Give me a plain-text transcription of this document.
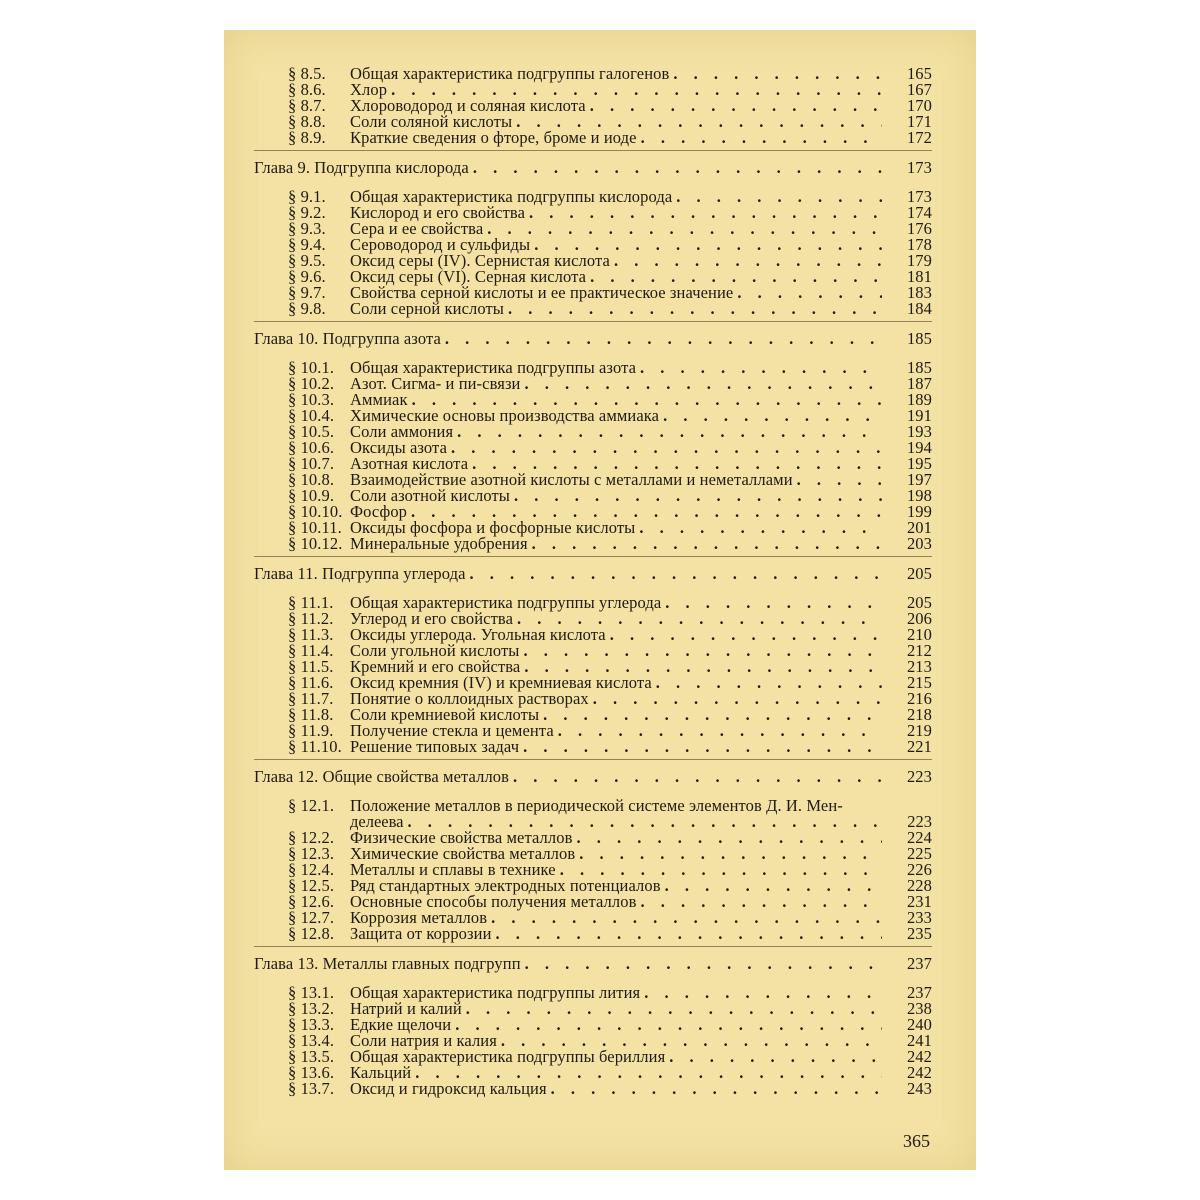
§ 8.5.	Общая характеристика подгруппы галогенов . . .	165
§ 8.6.	Хлор . . .	167
§ 8.7.	Хлороводород и соляная кислота . . .	170
§ 8.8.	Соли соляной кислоты . . .	171
§ 8.9.	Краткие сведения о фторе, броме и иоде . . .	172
Глава 9. Подгруппа кислорода . . .	173
§ 9.1.	Общая характеристика подгруппы кислорода . . .	173
§ 9.2.	Кислород и его свойства . . .	174
§ 9.3.	Сера и ее свойства . . .	176
§ 9.4.	Сероводород и сульфиды . . .	178
§ 9.5.	Оксид серы (IV). Сернистая кислота . . .	179
§ 9.6.	Оксид серы (VI). Серная кислота . . .	181
§ 9.7.	Свойства серной кислоты и ее практическое значение . . .	183
§ 9.8.	Соли серной кислоты . . .	184
Глава 10. Подгруппа азота . . .	185
§ 10.1. Общая характеристика подгруппы азота . . .	185
§ 10.2. Азот. Сигма- и пи-связи . . .	187
§ 10.3. Аммиак . . .	189
§ 10.4. Химические основы производства аммиака . . .	191
§ 10.5. Соли аммония . . .	193
§ 10.6. Оксиды азота . . .	194
§ 10.7. Азотная кислота . . .	195
§ 10.8. Взаимодействие азотной кислоты с металлами и неметаллами . . .	197
§ 10.9. Соли азотной кислоты . . .	198
§ 10.10. Фосфор . . .	199
§ 10.11. Оксиды фосфора и фосфорные кислоты . . .	201
§ 10.12. Минеральные удобрения . . .	203
Глава 11. Подгруппа углерода . . .	205
§ 11.1.	Общая характеристика подгруппы углерода . . .	205
§ 11.2.	Углерод и его свойства . . .	206
§ 11.3.	Оксиды углерода. Угольная кислота . . .	210
§ 11.4.	Соли угольной кислоты . . .	212
§ 11.5.	Кремний и его свойства . . .	213
§ 11.6.	Оксид кремния (IV) и кремниевая кислота . . .	215
§ 11.7.	Понятие о коллоидных растворах . . .	216
§ 11.8.	Соли кремниевой кислоты . . .	218
§ 11.9.	Получение стекла и цемента . . .	219
§ 11.10. Решение типовых задач . . .	221
Глава 12. Общие свойства металлов . . .	223
§ 12.1. Положение металлов в периодической системе элементов Д. И. Мен-
делеева . . .	223
§ 12.2. Физические свойства металлов . . .	224
§ 12.3. Химические свойства металлов . . .	225
§ 12.4. Металлы и сплавы в технике . . .	226
§ 12.5. Ряд стандартных электродных потенциалов . . .	228
§ 12.6. Основные способы получения металлов . . .	231
§ 12.7. Коррозия металлов . . .	233
§ 12.8. Защита от коррозии . . .	235
Глава 13. Металлы главных подгрупп . . .	237
§ 13.1. Общая характеристика подгруппы лития . . .	237
§ 13.2. Натрий и калий . . .	238
§ 13.3. Едкие щелочи . . .	240
§ 13.4. Соли натрия и калия . . .	241
§ 13.5. Общая характеристика подгруппы бериллия . . .	242
§ 13.6. Кальций . . .	242
§ 13.7. Оксид и гидроксид кальция . . .	243
365
